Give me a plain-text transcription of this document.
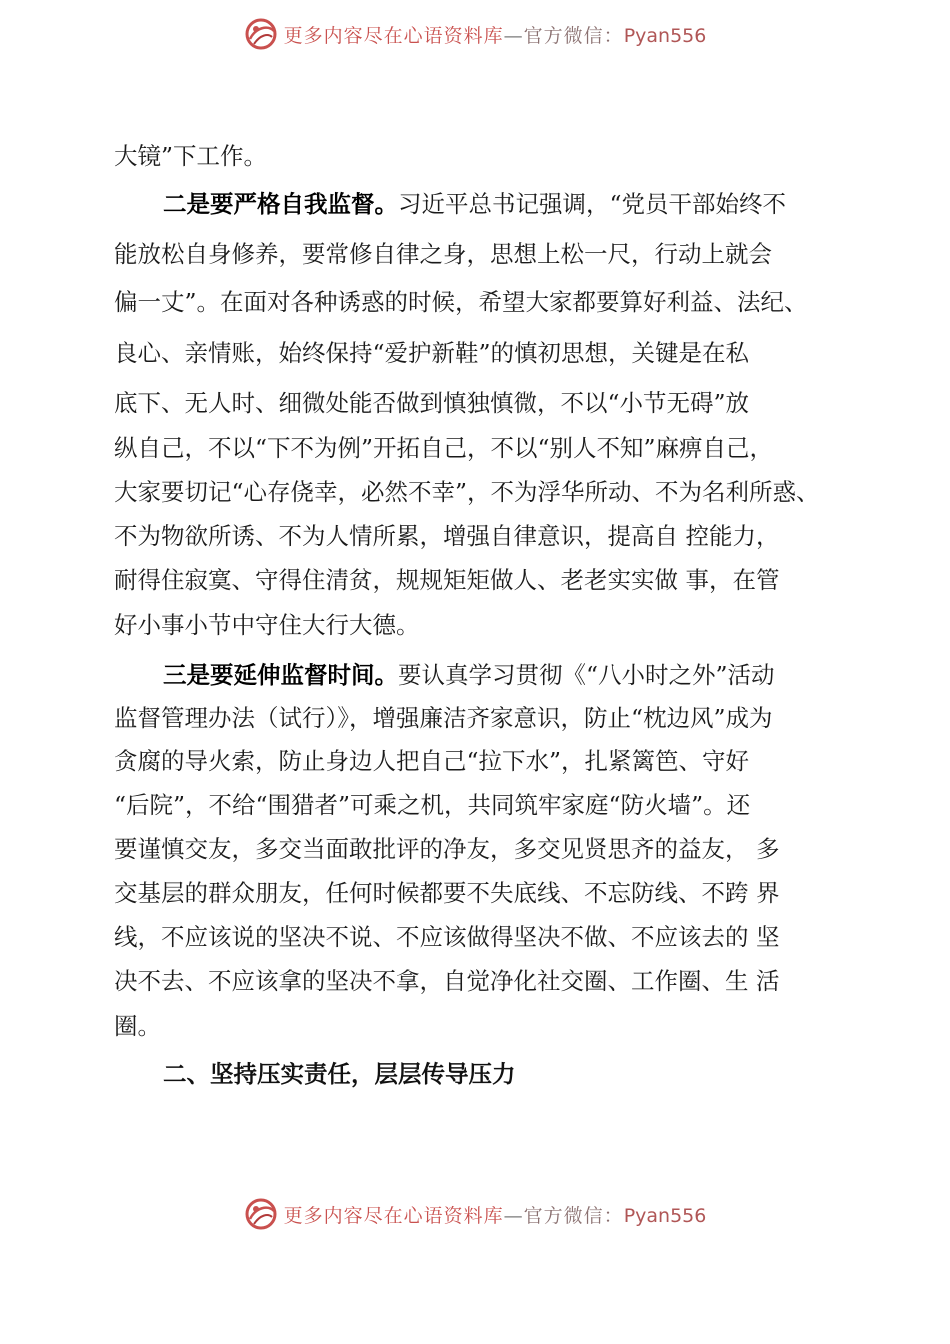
更多内容尽在心语资料库—官方微信：Pyan556
大镜”下工作。
二是要严格自我监督。习近平总书记强调，“党员干部始终不
能放松自身修养，要常修自律之身，思想上松一尺，行动上就会
偏一丈”。在面对各种诱惑的时候，希望大家都要算好利益、法纪、
良心、亲情账，始终保持“爱护新鞋”的慎初思想，关键是在私
底下、无人时、细微处能否做到慎独慎微，不以“小节无碍”放
纵自己，不以“下不为例”开拓自己，不以“别人不知”麻痹自己，
大家要切记“心存侥幸，必然不幸”，不为浮华所动、不为名利所惑、
不为物欲所诱、不为人情所累，增强自律意识，提高自 控能力，
耐得住寂寞、守得住清贫，规规矩矩做人、老老实实做 事，在管
好小事小节中守住大行大德。
三是要延伸监督时间。要认真学习贯彻《“八小时之外”活动
监督管理办法（试行）》，增强廉洁齐家意识，防止“枕边风”成为
贪腐的导火索，防止身边人把自己“拉下水”，扎紧篱笆、守好
“后院”，不给“围猎者”可乘之机，共同筑牢家庭“防火墙”。还
要谨慎交友，多交当面敢批评的净友，多交见贤思齐的益友， 多
交基层的群众朋友，任何时候都要不失底线、不忘防线、不跨 界
线，不应该说的坚决不说、不应该做得坚决不做、不应该去的 坚
决不去、不应该拿的坚决不拿，自觉净化社交圈、工作圈、生 活
圈。
二、坚持压实责任，层层传导压力
更多内容尽在心语资料库—官方微信：Pyan556
